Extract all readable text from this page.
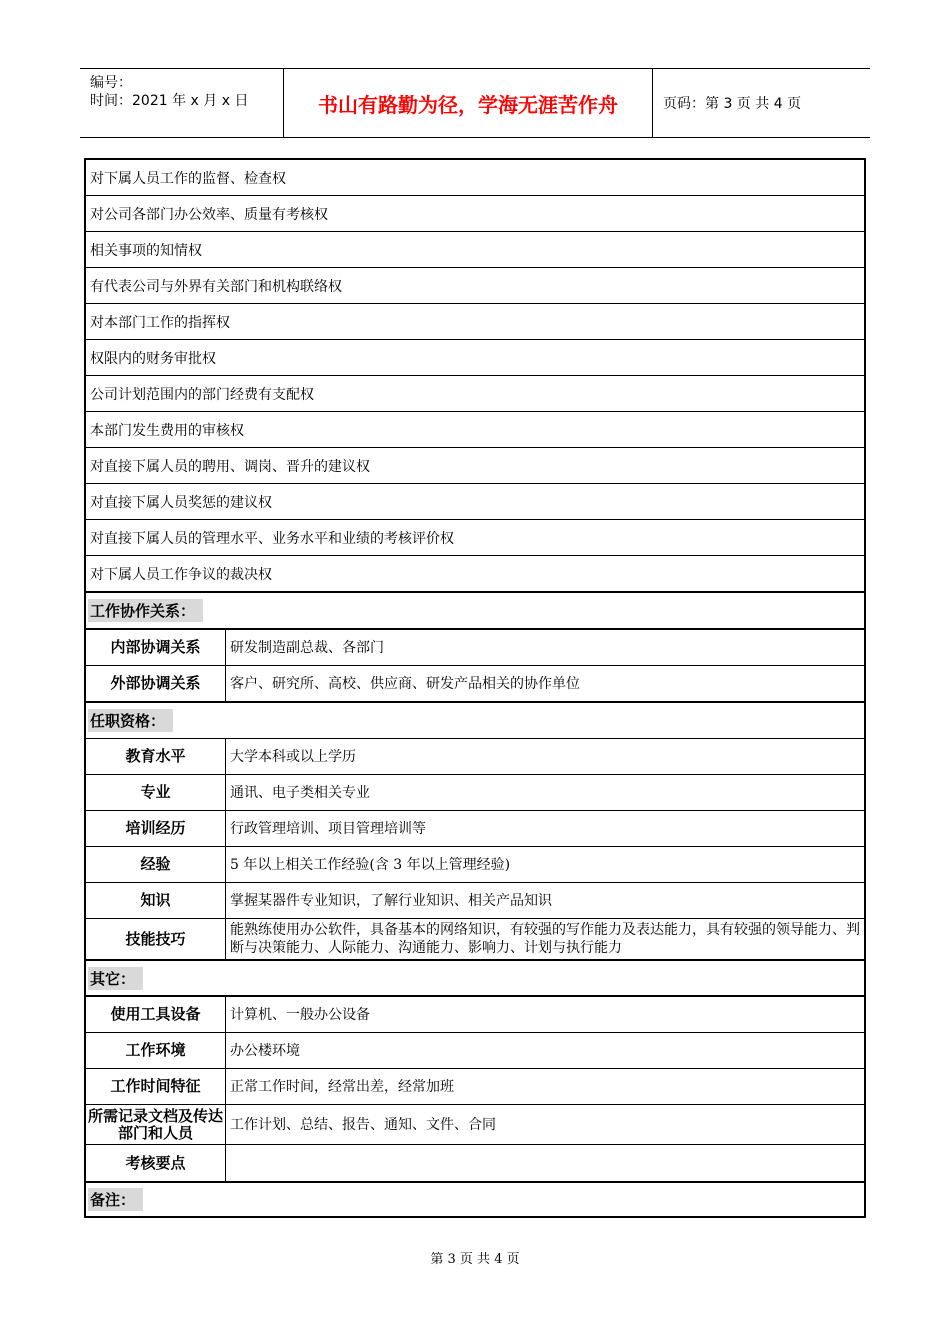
编号：
时间：2021 年 x 月 x 日	书山有路勤为径，学海无涯苦作舟	页码：第 3 页 共 4 页
对下属人员工作的监督、检查权
对公司各部门办公效率、质量有考核权
相关事项的知情权
有代表公司与外界有关部门和机构联络权
对本部门工作的指挥权
权限内的财务审批权
公司计划范围内的部门经费有支配权
本部门发生费用的审核权
对直接下属人员的聘用、调岗、晋升的建议权
对直接下属人员奖惩的建议权
对直接下属人员的管理水平、业务水平和业绩的考核评价权
对下属人员工作争议的裁决权
工作协作关系：
内部协调关系	研发制造副总裁、各部门
外部协调关系	客户、研究所、高校、供应商、研发产品相关的协作单位
任职资格：
教育水平	大学本科或以上学历
专业	通讯、电子类相关专业
培训经历	行政管理培训、项目管理培训等
经验	5 年以上相关工作经验(含 3 年以上管理经验)
知识	掌握某器件专业知识，了解行业知识、相关产品知识
技能技巧	能熟练使用办公软件，具备基本的网络知识，有较强的写作能力及表达能力，具有较强的领导能力、判断与决策能力、人际能力、沟通能力、影响力、计划与执行能力
其它：
使用工具设备	计算机、一般办公设备
工作环境	办公楼环境
工作时间特征	正常工作时间，经常出差，经常加班
所需记录文档及传达部门和人员	工作计划、总结、报告、通知、文件、合同
考核要点
备注：
第 3 页 共 4 页
